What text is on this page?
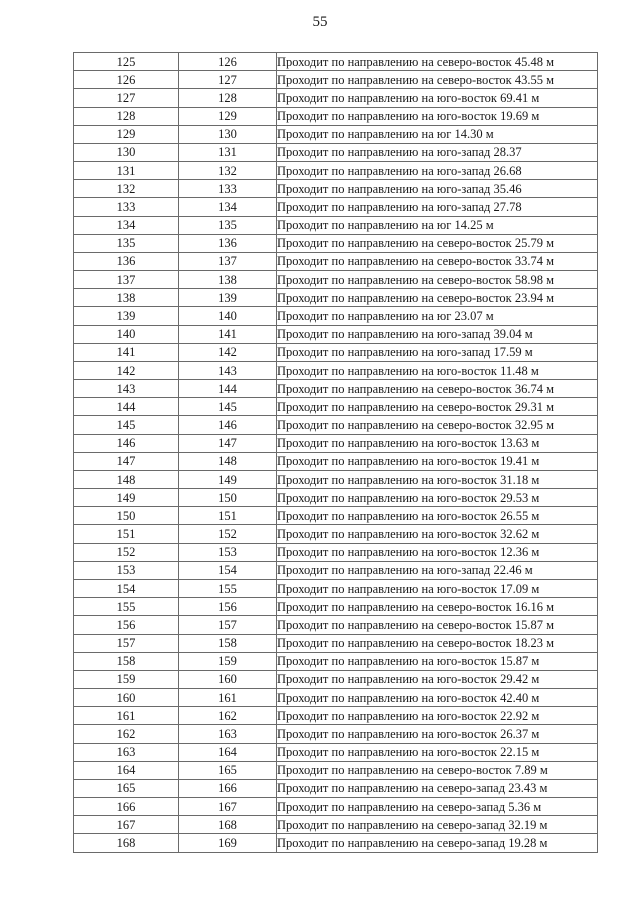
55
125	126	Проходит по направлению на северо-восток 45.48 м
126	127	Проходит по направлению на северо-восток 43.55 м
127	128	Проходит по направлению на юго-восток 69.41 м
128	129	Проходит по направлению на юго-восток 19.69 м
129	130	Проходит по направлению на юг 14.30 м
130	131	Проходит по направлению на юго-запад 28.37
131	132	Проходит по направлению на юго-запад 26.68
132	133	Проходит по направлению на юго-запад 35.46
133	134	Проходит по направлению на юго-запад 27.78
134	135	Проходит по направлению на юг 14.25 м
135	136	Проходит по направлению на северо-восток 25.79 м
136	137	Проходит по направлению на северо-восток 33.74 м
137	138	Проходит по направлению на северо-восток 58.98 м
138	139	Проходит по направлению на северо-восток 23.94 м
139	140	Проходит по направлению на юг 23.07 м
140	141	Проходит по направлению на юго-запад 39.04 м
141	142	Проходит по направлению на юго-запад 17.59 м
142	143	Проходит по направлению на юго-восток 11.48 м
143	144	Проходит по направлению на северо-восток 36.74 м
144	145	Проходит по направлению на северо-восток 29.31 м
145	146	Проходит по направлению на северо-восток 32.95 м
146	147	Проходит по направлению на юго-восток 13.63 м
147	148	Проходит по направлению на юго-восток 19.41 м
148	149	Проходит по направлению на юго-восток 31.18 м
149	150	Проходит по направлению на юго-восток 29.53 м
150	151	Проходит по направлению на юго-восток 26.55 м
151	152	Проходит по направлению на юго-восток 32.62 м
152	153	Проходит по направлению на юго-восток 12.36 м
153	154	Проходит по направлению на юго-запад 22.46 м
154	155	Проходит по направлению на юго-восток 17.09 м
155	156	Проходит по направлению на северо-восток 16.16 м
156	157	Проходит по направлению на северо-восток 15.87 м
157	158	Проходит по направлению на северо-восток 18.23 м
158	159	Проходит по направлению на юго-восток 15.87 м
159	160	Проходит по направлению на юго-восток 29.42 м
160	161	Проходит по направлению на юго-восток 42.40 м
161	162	Проходит по направлению на юго-восток 22.92 м
162	163	Проходит по направлению на юго-восток 26.37 м
163	164	Проходит по направлению на юго-восток 22.15 м
164	165	Проходит по направлению на северо-восток 7.89 м
165	166	Проходит по направлению на северо-запад 23.43 м
166	167	Проходит по направлению на северо-запад 5.36 м
167	168	Проходит по направлению на северо-запад 32.19 м
168	169	Проходит по направлению на северо-запад 19.28 м
